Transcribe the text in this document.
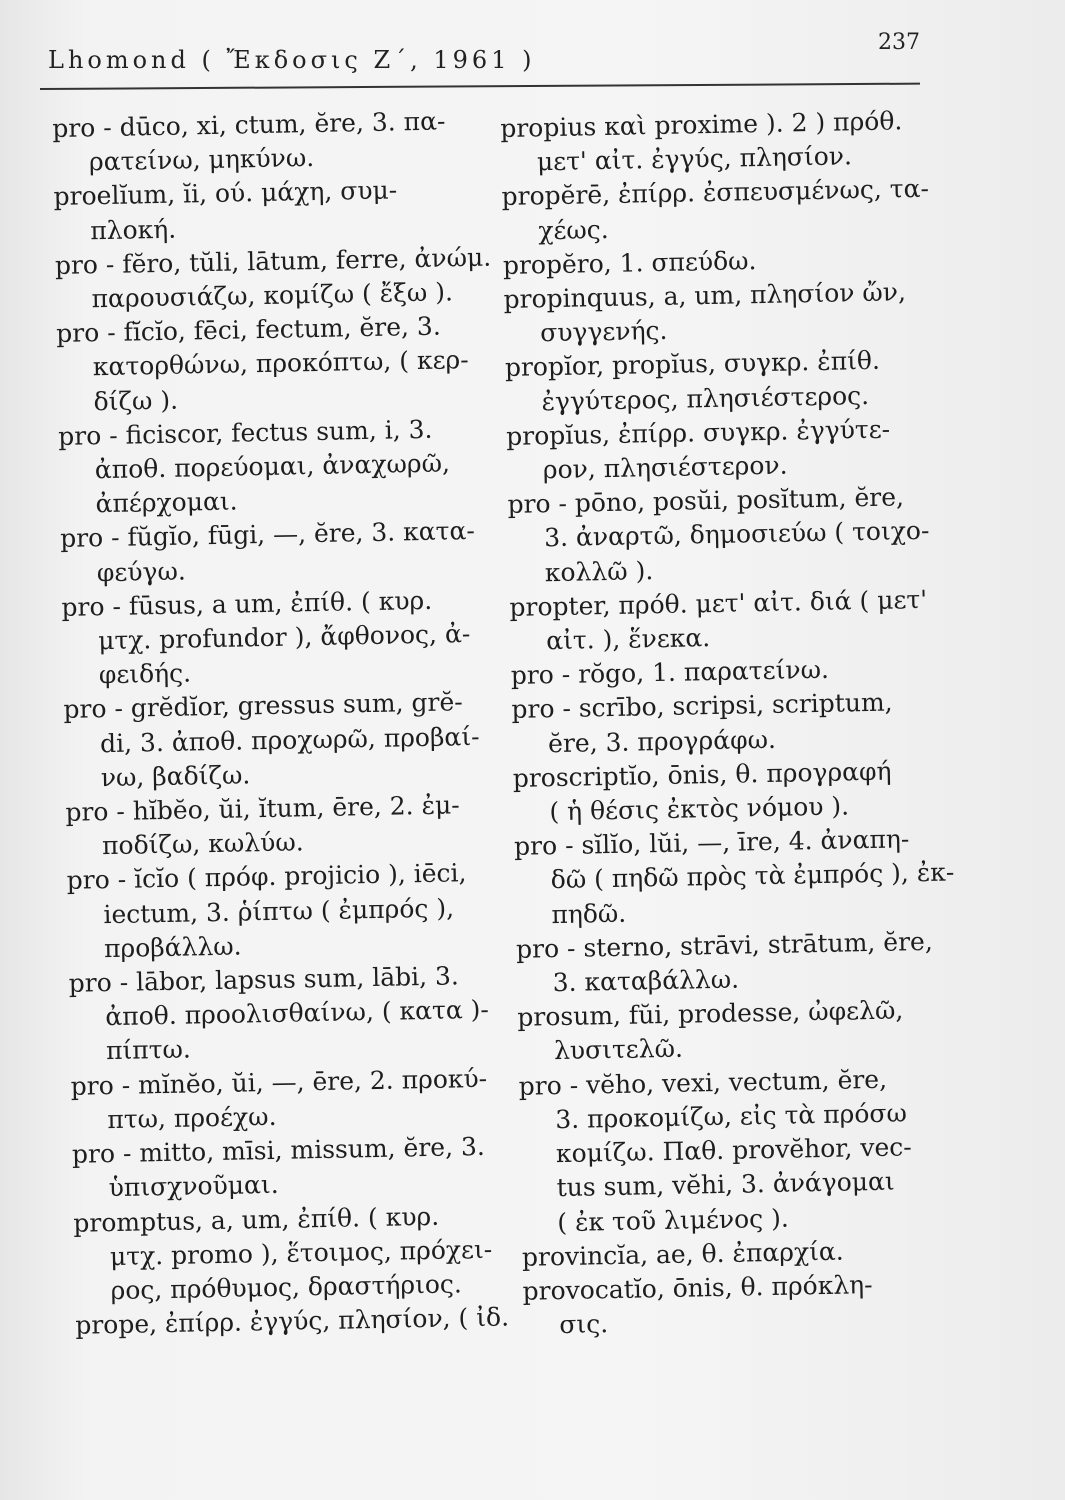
Lhomond ( Ἔκδοσις Ζ΄, 1961 )
237

pro - dūco, xi, ctum, ĕre, 3. πα-
ρατείνω, μηκύνω.

proelĭum, ĭi, ού. μάχη, συμ-
πλοκή.

pro - fĕro, tŭli, lātum, ferre, ἀνώμ.
παρουσιάζω, κομίζω ( ἔξω ).

pro - fĭcĭo, fēci, fectum, ĕre, 3.
κατορθώνω, προκόπτω, ( κερ-
δίζω ).

pro - ficiscor, fectus sum, i, 3.
ἀποθ. πορεύομαι, ἀναχωρῶ,
ἀπέρχομαι.

pro - fŭgĭo, fūgi, —, ĕre, 3. κατα-
φεύγω.

pro - fūsus, a um, ἐπίθ. ( κυρ.
μτχ. profundor ), ἄφθονος, ἀ-
φειδής.

pro - grĕdĭor, gressus sum, grĕ-
di, 3. ἀποθ. προχωρῶ, προβαί-
νω, βαδίζω.

pro - hĭbĕo, ŭi, ĭtum, ēre, 2. ἐμ-
ποδίζω, κωλύω.

pro - ĭcĭo ( πρόφ. projicio ), iēci,
iectum, 3. ῥίπτω ( ἐμπρός ),
προβάλλω.

pro - lābor, lapsus sum, lābi, 3.
ἀποθ. προολισθαίνω, ( κατα )-
πίπτω.

pro - mĭnĕo, ŭi, —, ēre, 2. προκύ-
πτω, προέχω.

pro - mitto, mīsi, missum, ĕre, 3.
ὑπισχνοῦμαι.

promptus, a, um, ἐπίθ. ( κυρ.
μτχ. promo ), ἕτοιμος, πρόχει-
ρος, πρόθυμος, δραστήριος.

prope, ἐπίρρ. ἐγγύς, πλησίον, ( ἰδ.

propius καὶ proxime ). 2 ) πρόθ.
μετ' αἰτ. ἐγγύς, πλησίον.

propĕrē, ἐπίρρ. ἐσπευσμένως, τα-
χέως.

propĕro, 1. σπεύδω.

propinquus, a, um, πλησίον ὤν,
συγγενής.

propĭor, propĭus, συγκρ. ἐπίθ.
ἐγγύτερος, πλησιέστερος.

propĭus, ἐπίρρ. συγκρ. ἐγγύτε-
ρον, πλησιέστερον.

pro - pōno, posŭi, posĭtum, ĕre,
3. ἀναρτῶ, δημοσιεύω ( τοιχο-
κολλῶ ).

propter, πρόθ. μετ' αἰτ. διά ( μετ'
αἰτ. ), ἕνεκα.

pro - rŏgo, 1. παρατείνω.

pro - scrībo, scripsi, scriptum,
ĕre, 3. προγράφω.

proscriptĭo, ōnis, θ. προγραφή
( ἡ θέσις ἐκτὸς νόμου ).

pro - sĭlĭo, lŭi, —, īre, 4. ἀναπη-
δῶ ( πηδῶ πρὸς τὰ ἐμπρός ), ἐκ-
πηδῶ.

pro - sterno, strāvi, strātum, ĕre,
3. καταβάλλω.

prosum, fŭi, prodesse, ὠφελῶ,
λυσιτελῶ.

pro - vĕho, vexi, vectum, ĕre,
3. προκομίζω, εἰς τὰ πρόσω
κομίζω. Παθ. provĕhor, vec-
tus sum, vĕhi, 3. ἀνάγομαι
( ἐκ τοῦ λιμένος ).

provincĭa, ae, θ. ἐπαρχία.

provocatĭo, ōnis, θ. πρόκλη-
σις.
